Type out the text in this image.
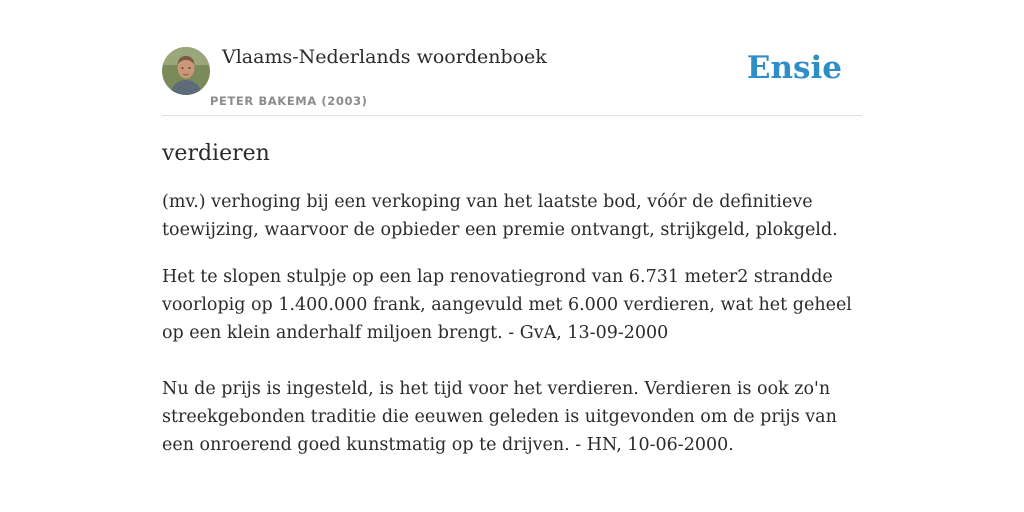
Vlaams-Nederlands woordenboek
PETER BAKEMA (2003)
Ensie
verdieren

(mv.) verhoging bij een verkoping van het laatste bod, vóór de definitieve toewijzing, waarvoor de opbieder een premie ontvangt, strijkgeld, plokgeld.

Het te slopen stulpje op een lap renovatiegrond van 6.731 meter2 strandde voorlopig op 1.400.000 frank, aangevuld met 6.000 verdieren, wat het geheel op een klein anderhalf miljoen brengt. - GvA, 13-09-2000

Nu de prijs is ingesteld, is het tijd voor het verdieren. Verdieren is ook zo'n streekgebonden traditie die eeuwen geleden is uitgevonden om de prijs van een onroerend goed kunstmatig op te drijven. - HN, 10-06-2000.
